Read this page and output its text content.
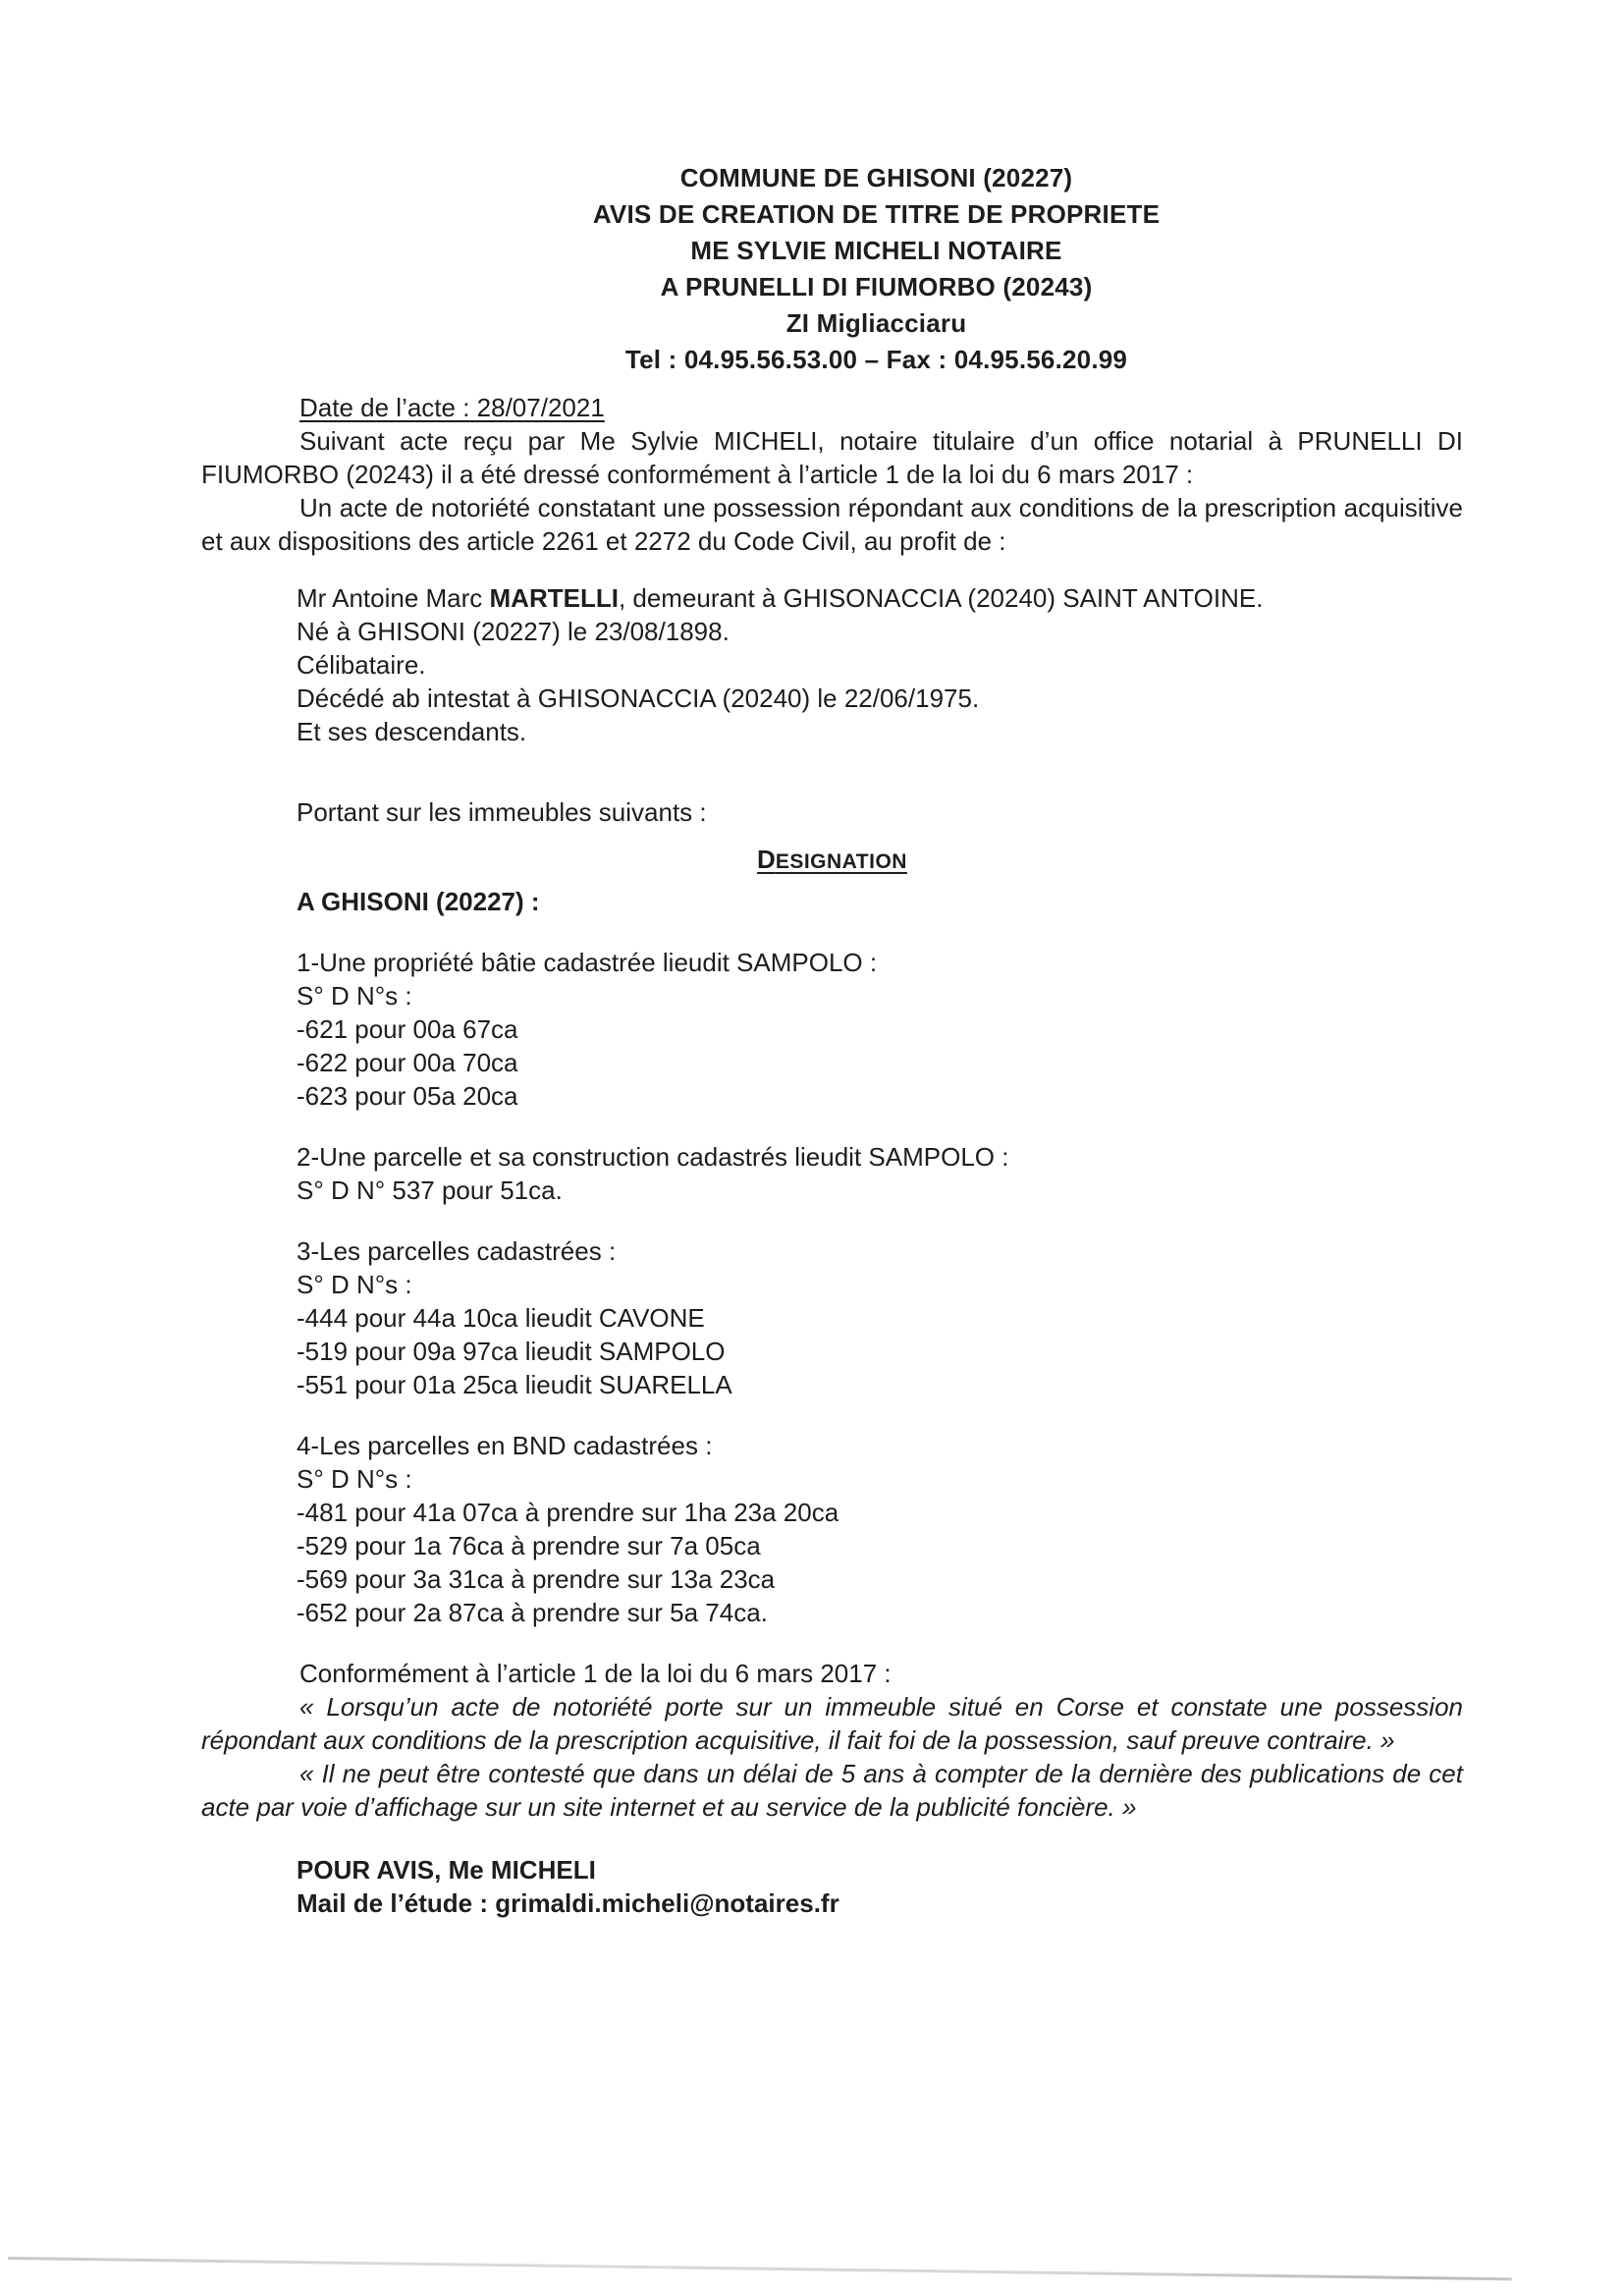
COMMUNE DE GHISONI (20227)
AVIS DE CREATION DE TITRE DE PROPRIETE
ME SYLVIE MICHELI NOTAIRE
A PRUNELLI DI FIUMORBO (20243)
ZI Migliacciaru
Tel : 04.95.56.53.00 – Fax : 04.95.56.20.99
Date de l’acte : 28/07/2021

Suivant acte reçu par Me Sylvie MICHELI, notaire titulaire d’un office notarial à PRUNELLI DI FIUMORBO (20243) il a été dressé conformément à l’article 1 de la loi du 6 mars 2017 :

Un acte de notoriété constatant une possession répondant aux conditions de la prescription acquisitive et aux dispositions des article 2261 et 2272 du Code Civil, au profit de :

Mr Antoine Marc MARTELLI, demeurant à GHISONACCIA (20240) SAINT ANTOINE.
Né à GHISONI (20227) le 23/08/1898.
Célibataire.
Décédé ab intestat à GHISONACCIA (20240) le 22/06/1975.
Et ses descendants.
Portant sur les immeubles suivants :
DESIGNATION
A GHISONI (20227) :
1-Une propriété bâtie cadastrée lieudit SAMPOLO :
S° D N°s :
-621 pour 00a 67ca
-622 pour 00a 70ca
-623 pour 05a 20ca
2-Une parcelle et sa construction cadastrés lieudit SAMPOLO :
S° D N° 537 pour 51ca.
3-Les parcelles cadastrées :
S° D N°s :
-444 pour 44a 10ca lieudit CAVONE
-519 pour 09a 97ca lieudit SAMPOLO
-551 pour 01a 25ca lieudit SUARELLA
4-Les parcelles en BND cadastrées :
S° D N°s :
-481 pour 41a 07ca à prendre sur 1ha 23a 20ca
-529 pour 1a 76ca à prendre sur 7a 05ca
-569 pour 3a 31ca à prendre sur 13a 23ca
-652 pour 2a 87ca à prendre sur 5a 74ca.
Conformément à l’article 1 de la loi du 6 mars 2017 :

« Lorsqu’un acte de notoriété porte sur un immeuble situé en Corse et constate une possession répondant aux conditions de la prescription acquisitive, il fait foi de la possession, sauf preuve contraire. »

« Il ne peut être contesté que dans un délai de 5 ans à compter de la dernière des publications de cet acte par voie d’affichage sur un site internet et au service de la publicité foncière. »

POUR AVIS, Me MICHELI
Mail de l’étude : grimaldi.micheli@notaires.fr
